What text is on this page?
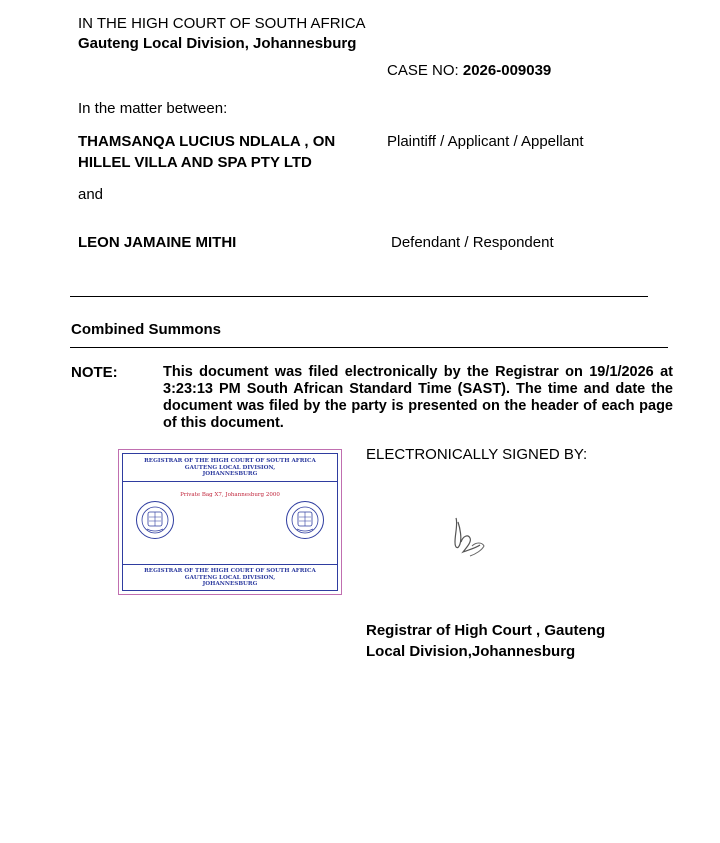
IN THE HIGH COURT OF SOUTH AFRICA
Gauteng Local Division, Johannesburg
CASE NO: 2026-009039
In the matter between:
THAMSANQA LUCIUS NDLALA , ON
HILLEL VILLA AND SPA PTY LTD
Plaintiff / Applicant / Appellant
and
LEON JAMAINE MITHI	Defendant / Respondent
Combined Summons
NOTE:	This document was filed electronically by the Registrar on 19/1/2026 at 3:23:13 PM South African Standard Time (SAST). The time and date the document was filed by the party is presented on the header of each page of this document.
REGISTRAR OF THE HIGH COURT OF SOUTH AFRICA
GAUTENG LOCAL DIVISION,
JOHANNESBURG
Private Bag X7, Johannesburg 2000
REGISTRAR OF THE HIGH COURT OF SOUTH AFRICA
GAUTENG LOCAL DIVISION,
JOHANNESBURG
ELECTRONICALLY SIGNED BY:
Registrar of High Court , Gauteng
Local Division,Johannesburg
